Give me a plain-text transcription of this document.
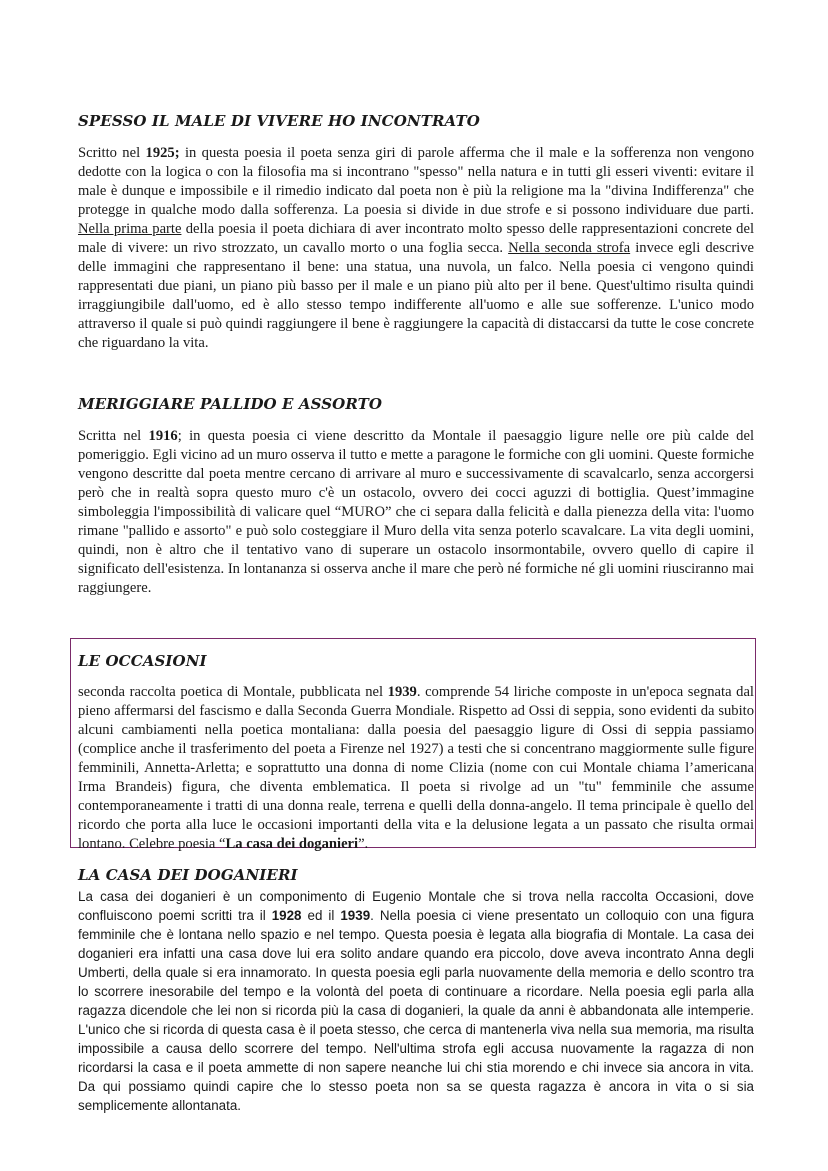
SPESSO IL MALE DI VIVERE HO INCONTRATO

Scritto nel 1925; in questa poesia il poeta senza giri di parole afferma che il male e la sofferenza non vengono dedotte con la logica o con la filosofia ma si incontrano "spesso" nella natura e in tutti gli esseri viventi: evitare il male è dunque e impossibile e il rimedio indicato dal poeta non è più la religione ma la "divina Indifferenza" che protegge in qualche modo dalla sofferenza. La poesia si divide in due strofe e si possono individuare due parti. Nella prima parte della poesia il poeta dichiara di aver incontrato molto spesso delle rappresentazioni concrete del male di vivere: un rivo strozzato, un cavallo morto o una foglia secca. Nella seconda strofa invece egli descrive delle immagini che rappresentano il bene: una statua, una nuvola, un falco. Nella poesia ci vengono quindi rappresentati due piani, un piano più basso per il male e un piano più alto per il bene. Quest'ultimo risulta quindi irraggiungibile dall'uomo, ed è allo stesso tempo indifferente all'uomo e alle sue sofferenze. L'unico modo attraverso il quale si può quindi raggiungere il bene è raggiungere la capacità di distaccarsi da tutte le cose concrete che riguardano la vita.

MERIGGIARE PALLIDO E ASSORTO

Scritta nel 1916; in questa poesia ci viene descritto da Montale il paesaggio ligure nelle ore più calde del pomeriggio. Egli vicino ad un muro osserva il tutto e mette a paragone le formiche con gli uomini. Queste formiche vengono descritte dal poeta mentre cercano di arrivare al muro e successivamente di scavalcarlo, senza accorgersi però che in realtà sopra questo muro c'è un ostacolo, ovvero dei cocci aguzzi di bottiglia. Quest’immagine simboleggia l'impossibilità di valicare quel “MURO” che ci separa dalla felicità e dalla pienezza della vita: l'uomo rimane "pallido e assorto" e può solo costeggiare il Muro della vita senza poterlo scavalcare. La vita degli uomini, quindi, non è altro che il tentativo vano di superare un ostacolo insormontabile, ovvero quello di capire il significato dell'esistenza. In lontananza si osserva anche il mare che però né formiche né gli uomini riusciranno mai raggiungere.

LE OCCASIONI

seconda raccolta poetica di Montale, pubblicata nel 1939. comprende 54 liriche composte in un'epoca segnata dal pieno affermarsi del fascismo e dalla Seconda Guerra Mondiale. Rispetto ad Ossi di seppia, sono evidenti da subito alcuni cambiamenti nella poetica montaliana: dalla poesia del paesaggio ligure di Ossi di seppia passiamo (complice anche il trasferimento del poeta a Firenze nel 1927) a testi che si concentrano maggiormente sulle figure femminili, Annetta-Arletta; e soprattutto una donna di nome Clizia (nome con cui Montale chiama l’americana Irma Brandeis) figura, che diventa emblematica. Il poeta si rivolge ad un "tu" femminile che assume contemporaneamente i tratti di una donna reale, terrena e quelli della donna-angelo. Il tema principale è quello del ricordo che porta alla luce le occasioni importanti della vita e la delusione legata a un passato che risulta ormai lontano. Celebre poesia “La casa dei doganieri”.

LA CASA DEI DOGANIERI

La casa dei doganieri è un componimento di Eugenio Montale che si trova nella raccolta Occasioni, dove confluiscono poemi scritti tra il 1928 ed il 1939. Nella poesia ci viene presentato un colloquio con una figura femminile che è lontana nello spazio e nel tempo. Questa poesia è legata alla biografia di Montale. La casa dei doganieri era infatti una casa dove lui era solito andare quando era piccolo, dove aveva incontrato Anna degli Umberti, della quale si era innamorato. In questa poesia egli parla nuovamente della memoria e dello scontro tra lo scorrere inesorabile del tempo e la volontà del poeta di continuare a ricordare. Nella poesia egli parla alla ragazza dicendole che lei non si ricorda più la casa di doganieri, la quale da anni è abbandonata alle intemperie. L'unico che si ricorda di questa casa è il poeta stesso, che cerca di mantenerla viva nella sua memoria, ma risulta impossibile a causa dello scorrere del tempo. Nell'ultima strofa egli accusa nuovamente la ragazza di non ricordarsi la casa e il poeta ammette di non sapere neanche lui chi stia morendo e chi invece sia ancora in vita. Da qui possiamo quindi capire che lo stesso poeta non sa se questa ragazza è ancora in vita o si sia semplicemente allontanata.
